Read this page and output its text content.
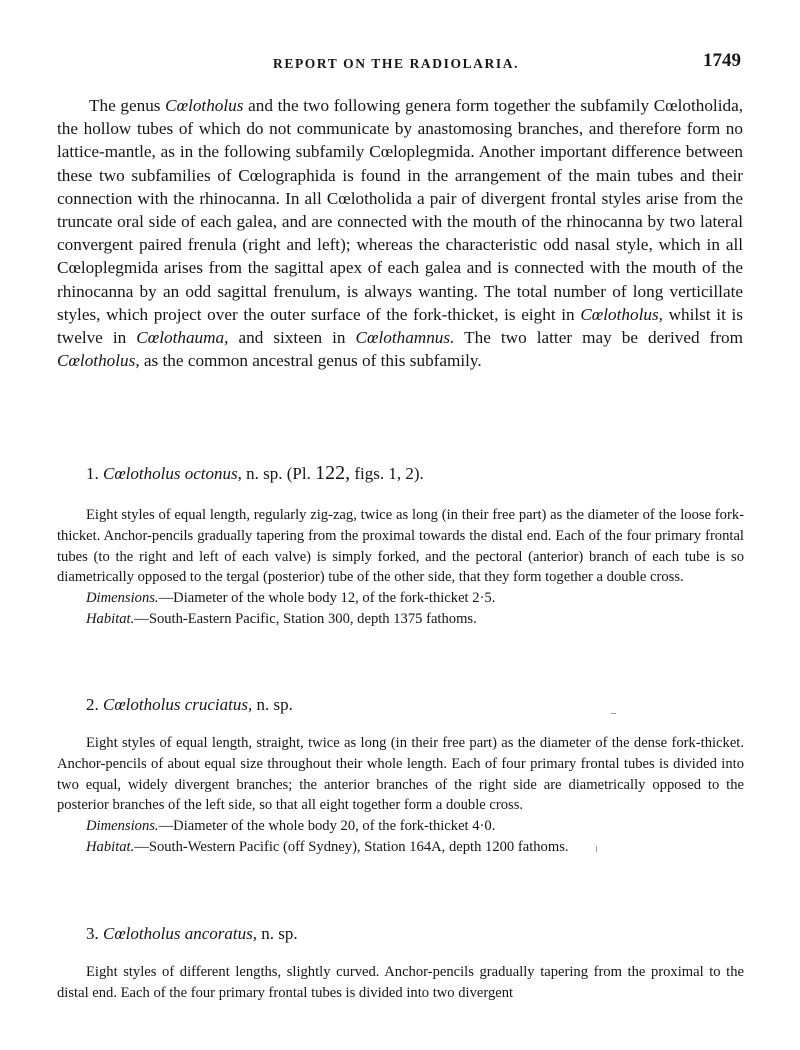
REPORT ON THE RADIOLARIA.	1749

The genus Cœlotholus and the two following genera form together the subfamily Cœlotholida, the hollow tubes of which do not communicate by anastomosing branches, and therefore form no lattice-mantle, as in the following subfamily Cœloplegmida. Another important difference between these two subfamilies of Cœlographida is found in the arrangement of the main tubes and their connection with the rhinocanna. In all Cœlotholida a pair of divergent frontal styles arise from the truncate oral side of each galea, and are connected with the mouth of the rhinocanna by two lateral convergent paired frenula (right and left); whereas the characteristic odd nasal style, which in all Cœloplegmida arises from the sagittal apex of each galea and is connected with the mouth of the rhinocanna by an odd sagittal frenulum, is always wanting. The total number of long verticillate styles, which project over the outer surface of the fork-thicket, is eight in Cœlotholus, whilst it is twelve in Cœlothauma, and sixteen in Cœlothamnus. The two latter may be derived from Cœlotholus, as the common ancestral genus of this subfamily.

1. Cœlotholus octonus, n. sp. (Pl. 122, figs. 1, 2).

Eight styles of equal length, regularly zig-zag, twice as long (in their free part) as the diameter of the loose fork-thicket. Anchor-pencils gradually tapering from the proximal towards the distal end. Each of the four primary frontal tubes (to the right and left of each valve) is simply forked, and the pectoral (anterior) branch of each tube is so diametrically opposed to the tergal (posterior) tube of the other side, that they form together a double cross.

Dimensions.—Diameter of the whole body 12, of the fork-thicket 2·5.
Habitat.—South-Eastern Pacific, Station 300, depth 1375 fathoms.
2. Cœlotholus cruciatus, n. sp.

Eight styles of equal length, straight, twice as long (in their free part) as the diameter of the dense fork-thicket. Anchor-pencils of about equal size throughout their whole length. Each of four primary frontal tubes is divided into two equal, widely divergent branches; the anterior branches of the right side are diametrically opposed to the posterior branches of the left side, so that all eight together form a double cross.

Dimensions.—Diameter of the whole body 20, of the fork-thicket 4·0.
Habitat.—South-Western Pacific (off Sydney), Station 164A, depth 1200 fathoms.
3. Cœlotholus ancoratus, n. sp.

Eight styles of different lengths, slightly curved. Anchor-pencils gradually tapering from the proximal to the distal end. Each of the four primary frontal tubes is divided into two divergent
